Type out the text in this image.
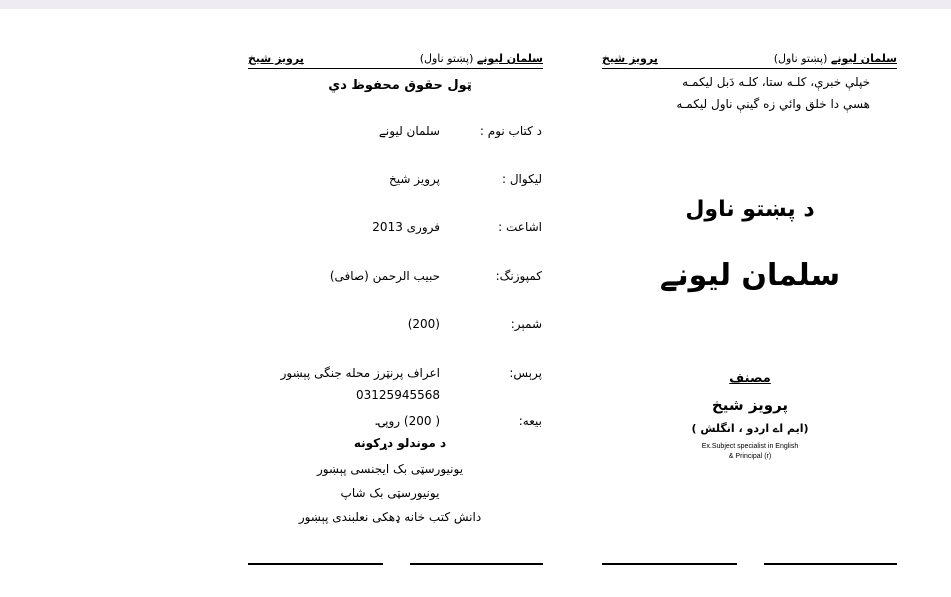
پرویز شیخ	سلمان لیونے (پښتو ناول)
ټول حقوق محفوظ دي
د کتاب نوم :
سلمان لیونے
لیکوال :
پرویز شیخ
اشاعت :
فروری 2013
کمپوزنگ:
حبیب الرحمن (صافی)
شمېر:
(200)
پرېس:
اعراف پرنټرز محله جنگی پېښور
03125945568
بیعه:
( 200) روپۍ.
د موندلو دړکونه
یونیورسټی بک ایجنسی پېښور
یونیورسټی بک شاپ
دانش کتب خانه ډهکی نعلبندی پېښور
پرویز شیخ	سلمان لیونے (پښتو ناول)
خپلې خبرې، کلـه ستا، کلـه دَبل لیکمـه
هسې دا خلق وائي زه گینې ناول لیکمـه
د پښتو ناول
سلمان لیونے
مصنف
پرویز شیخ
(ایم اے اردو ، انگلش )
Ex.Subject specialist in English
& Principal (r)
